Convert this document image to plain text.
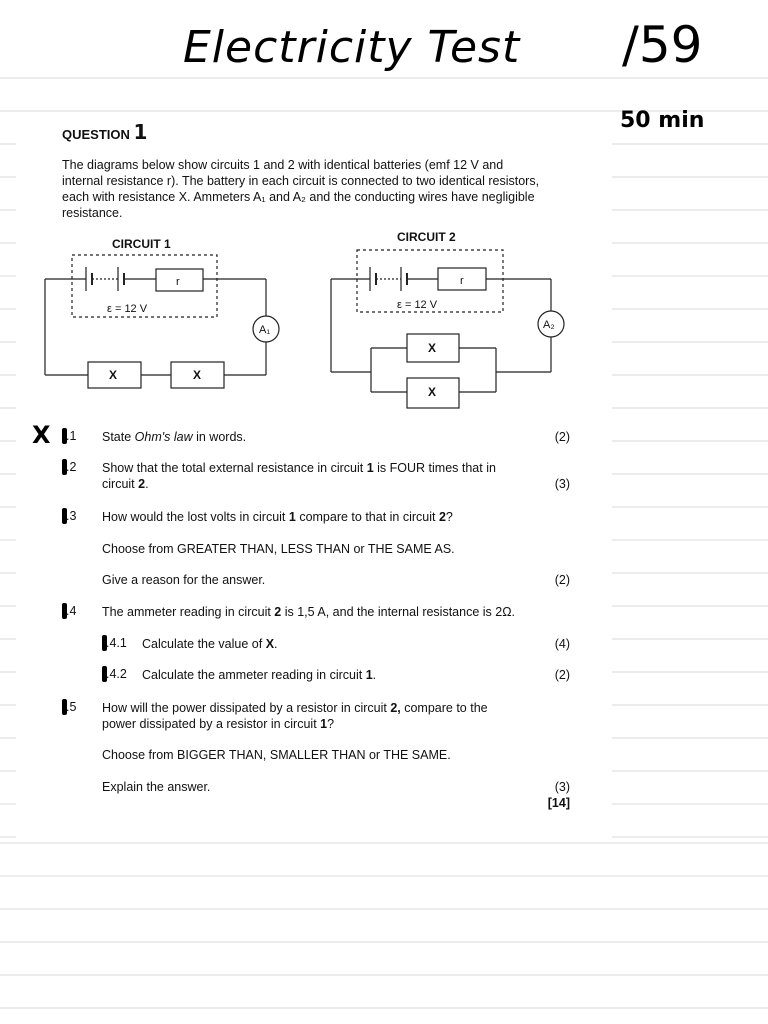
Electricity Test /59
50 min
X
QUESTION 1
The diagrams below show circuits 1 and 2 with identical batteries (emf 12 V and
internal resistance r). The battery in each circuit is connected to two identical resistors,
each with resistance X. Ammeters A₁ and A₂ and the conducting wires have negligible
resistance.
CIRCUIT 1
r
ε = 12 V
A₁
X	X
CIRCUIT 2
r
ε = 12 V
A₂
X
X
$^{.1}$ State Ohm's law in words.	(2)
$^{.2}$ Show that the total external resistance in circuit 1 is FOUR times that in
circuit 2.	(3)
$^{.3}$ How would the lost volts in circuit 1 compare to that in circuit 2?
Choose from GREATER THAN, LESS THAN or THE SAME AS.
Give a reason for the answer.	(2)
$^{.4}$ The ammeter reading in circuit 2 is 1,5 A, and the internal resistance is 2Ω.
$^{.4.1}$ Calculate the value of X.	(4)
$^{.4.2}$ Calculate the ammeter reading in circuit 1.	(2)
$^{.5}$ How will the power dissipated by a resistor in circuit 2, compare to the
power dissipated by a resistor in circuit 1?
Choose from BIGGER THAN, SMALLER THAN or THE SAME.
Explain the answer.	(3)
[14]
